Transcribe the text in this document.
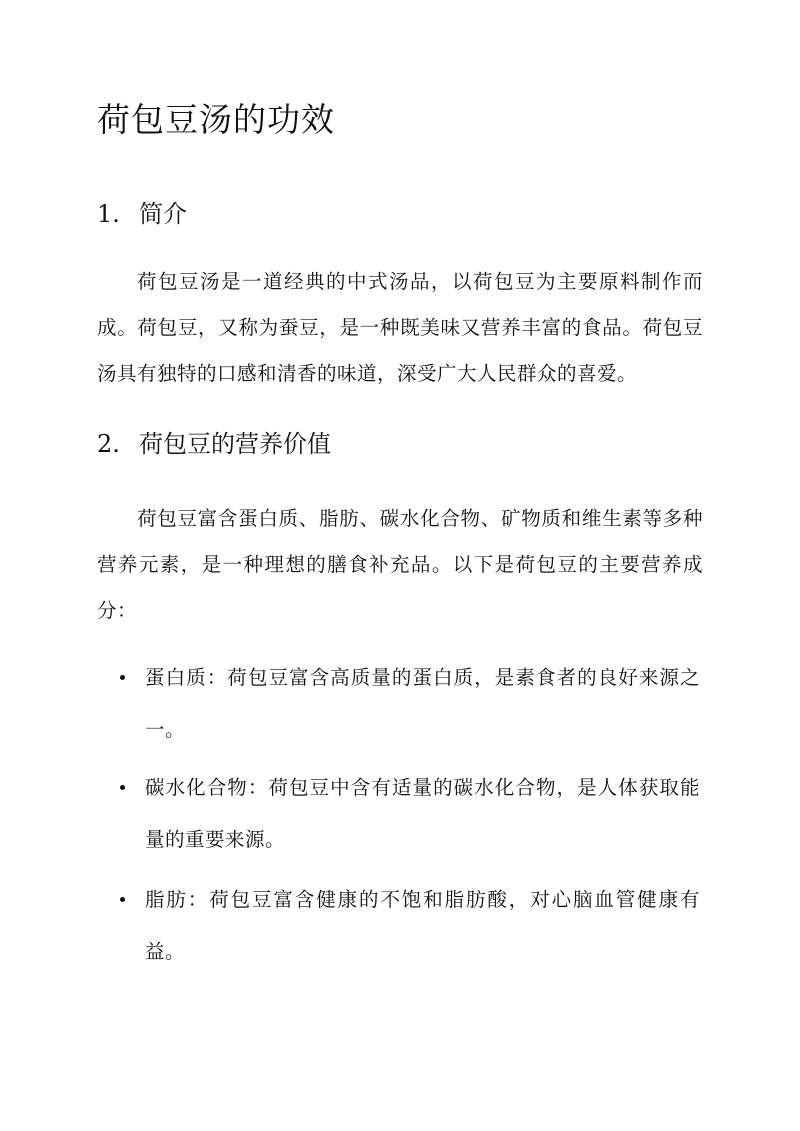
荷包豆汤的功效
1. 简介

荷包豆汤是一道经典的中式汤品，以荷包豆为主要原料制作而成。荷包豆，又称为蚕豆，是一种既美味又营养丰富的食品。荷包豆汤具有独特的口感和清香的味道，深受广大人民群众的喜爱。

2. 荷包豆的营养价值

荷包豆富含蛋白质、脂肪、碳水化合物、矿物质和维生素等多种营养元素，是一种理想的膳食补充品。以下是荷包豆的主要营养成分：

蛋白质：荷包豆富含高质量的蛋白质，是素食者的良好来源之一。
碳水化合物：荷包豆中含有适量的碳水化合物，是人体获取能量的重要来源。
脂肪：荷包豆富含健康的不饱和脂肪酸，对心脑血管健康有益。
